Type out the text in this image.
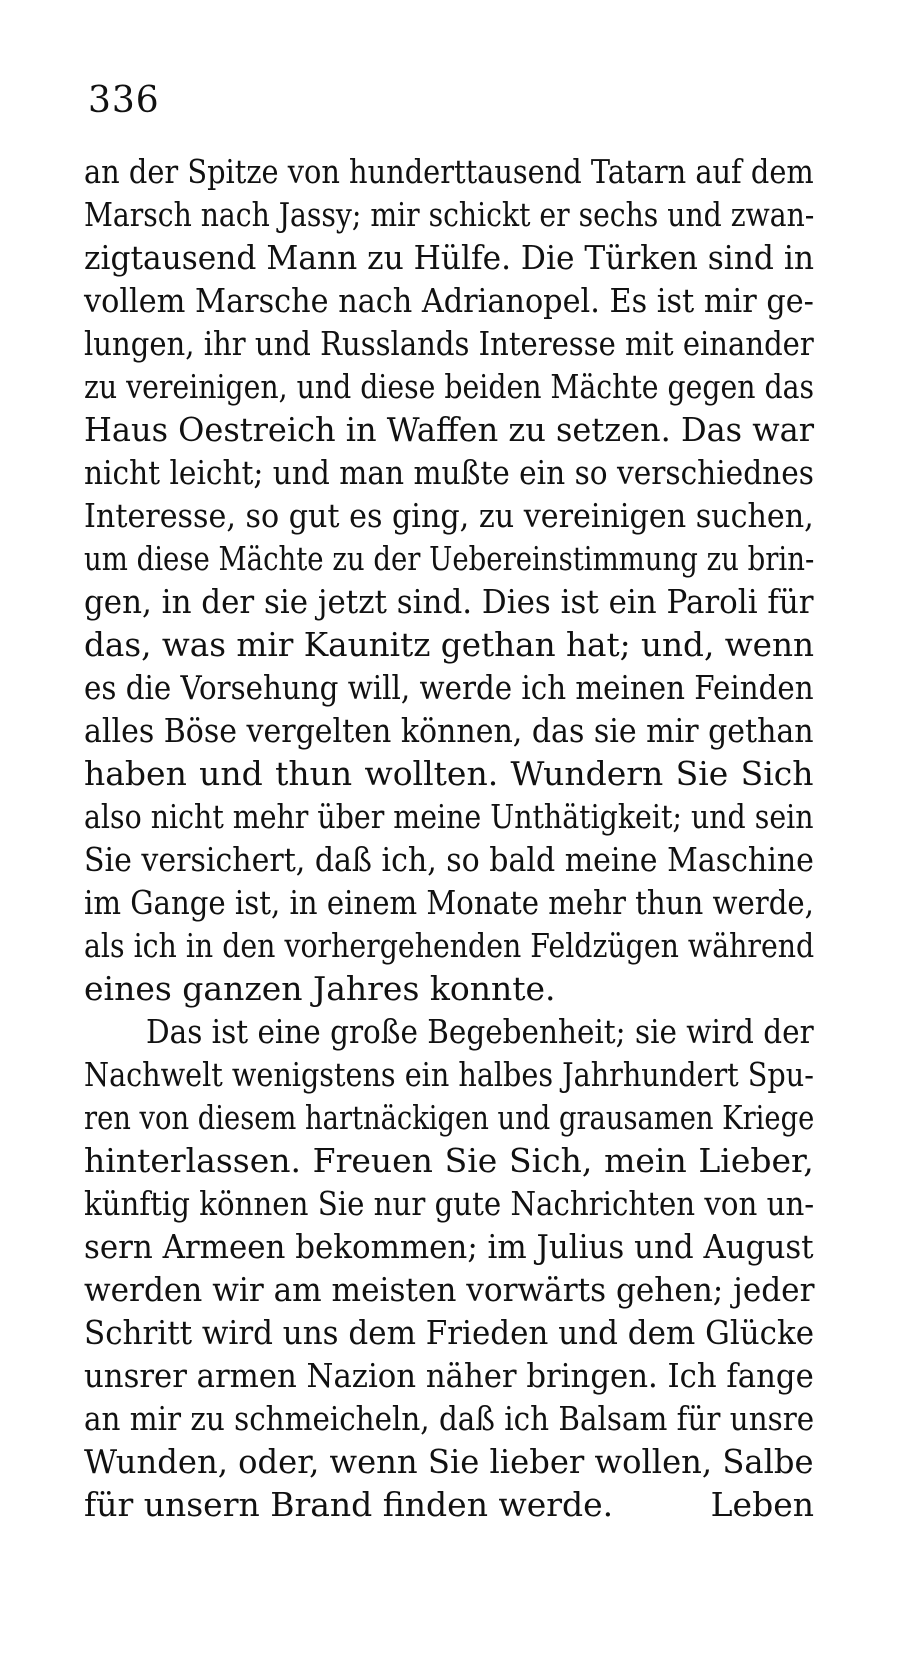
336
an der Spitze von hunderttausend Tatarn auf dem
Marsch nach Jassy; mir schickt er sechs und zwan-
zigtausend Mann zu Hülfe. Die Türken sind in
vollem Marsche nach Adrianopel. Es ist mir ge-
lungen, ihr und Russlands Interesse mit einander
zu vereinigen, und diese beiden Mächte gegen das
Haus Oestreich in Waffen zu setzen. Das war
nicht leicht; und man mußte ein so verschiednes
Interesse, so gut es ging, zu vereinigen suchen,
um diese Mächte zu der Uebereinstimmung zu brin-
gen, in der sie jetzt sind. Dies ist ein Paroli für
das, was mir Kaunitz gethan hat; und, wenn
es die Vorsehung will, werde ich meinen Feinden
alles Böse vergelten können, das sie mir gethan
haben und thun wollten. Wundern Sie Sich
also nicht mehr über meine Unthätigkeit; und sein
Sie versichert, daß ich, so bald meine Maschine
im Gange ist, in einem Monate mehr thun werde,
als ich in den vorhergehenden Feldzügen während
eines ganzen Jahres konnte.
Das ist eine große Begebenheit; sie wird der
Nachwelt wenigstens ein halbes Jahrhundert Spu-
ren von diesem hartnäckigen und grausamen Kriege
hinterlassen. Freuen Sie Sich, mein Lieber,
künftig können Sie nur gute Nachrichten von un-
sern Armeen bekommen; im Julius und August
werden wir am meisten vorwärts gehen; jeder
Schritt wird uns dem Frieden und dem Glücke
unsrer armen Nazion näher bringen. Ich fange
an mir zu schmeicheln, daß ich Balsam für unsre
Wunden, oder, wenn Sie lieber wollen, Salbe
für unsern Brand finden werde.	Leben
